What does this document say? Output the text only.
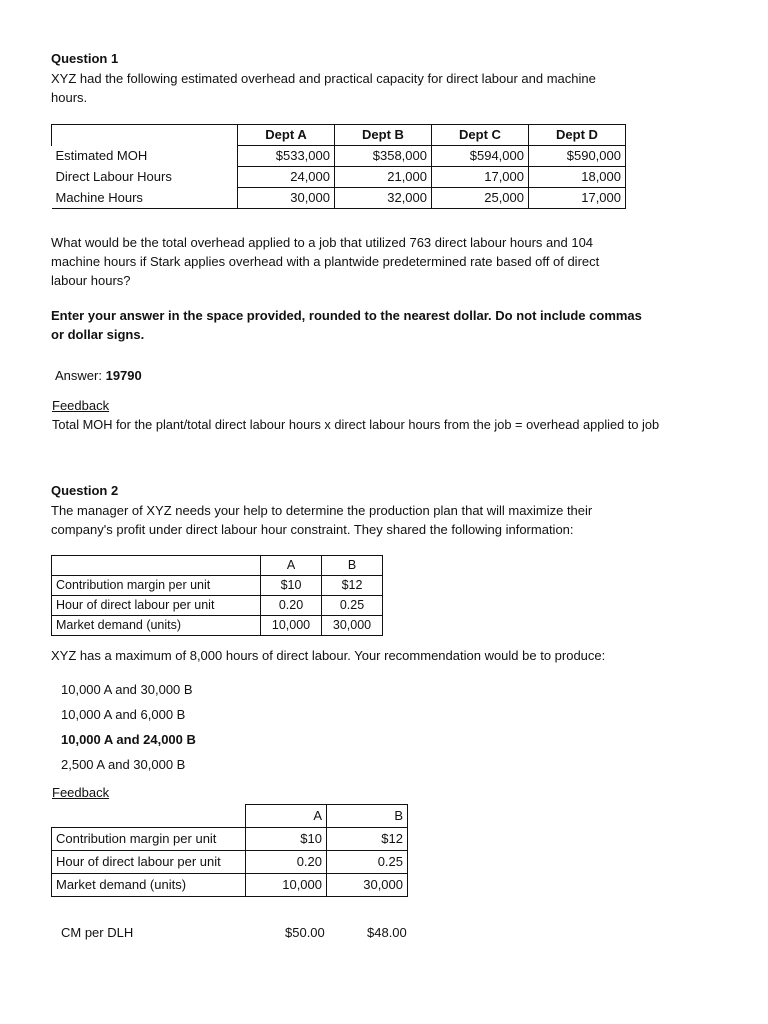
Question 1
XYZ had the following estimated overhead and practical capacity for direct labour and machine
hours.
	Dept A	Dept B	Dept C	Dept D
Estimated MOH	$533,000	$358,000	$594,000	$590,000
Direct Labour Hours	24,000	21,000	17,000	18,000
Machine Hours	30,000	32,000	25,000	17,000
What would be the total overhead applied to a job that utilized 763 direct labour hours and 104
machine hours if Stark applies overhead with a plantwide predetermined rate based off of direct
labour hours?
Enter your answer in the space provided, rounded to the nearest dollar. Do not include commas
or dollar signs.
Answer: 19790
Feedback
Total MOH for the plant/total direct labour hours x direct labour hours from the job = overhead applied to job
Question 2
The manager of XYZ needs your help to determine the production plan that will maximize their
company's profit under direct labour hour constraint. They shared the following information:
	A	B
Contribution margin per unit	$10	$12
Hour of direct labour per unit	0.20	0.25
Market demand (units)	10,000	30,000
XYZ has a maximum of 8,000 hours of direct labour. Your recommendation would be to produce:
10,000 A and 30,000 B
10,000 A and 6,000 B
10,000 A and 24,000 B
2,500 A and 30,000 B
Feedback
	A	B
Contribution margin per unit	$10	$12
Hour of direct labour per unit	0.20	0.25
Market demand (units)	10,000	30,000
CM per DLH	$50.00	$48.00
